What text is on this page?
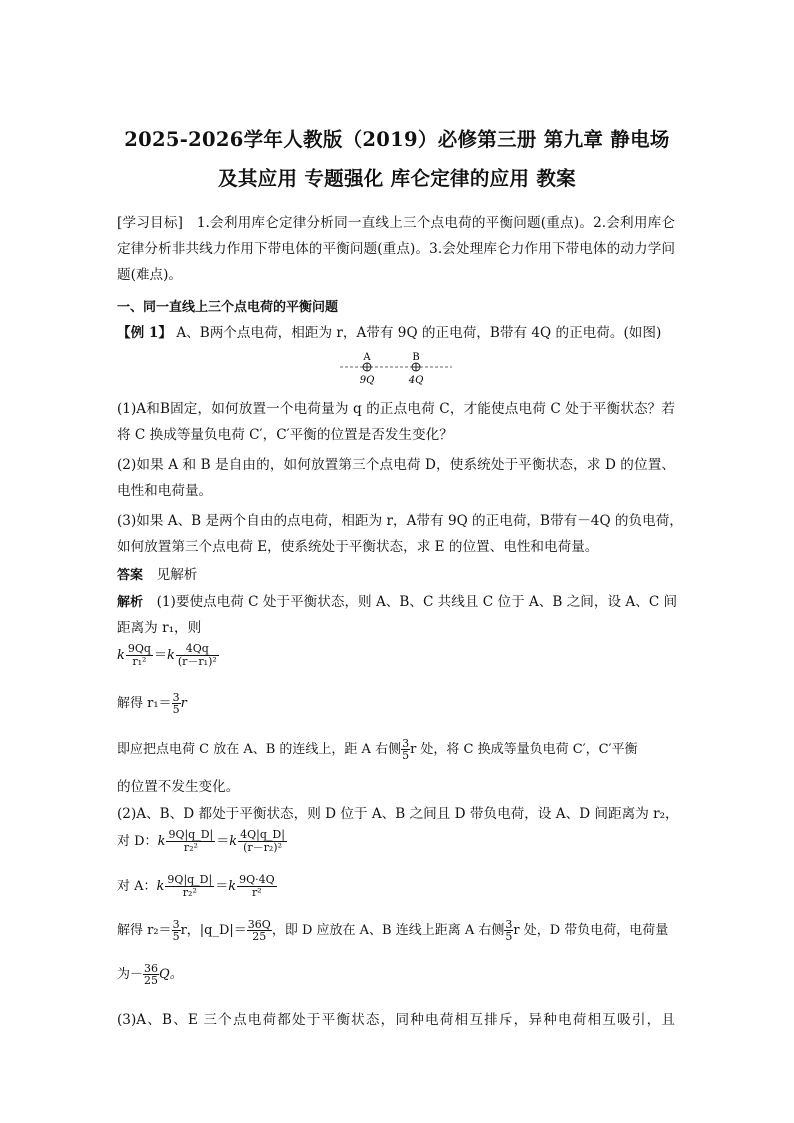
2025-2026学年人教版（2019）必修第三册 第九章 静电场
及其应用 专题强化 库仑定律的应用 教案
[学习目标]　 1.会利用库仑定律分析同一直线上三个点电荷的平衡问题(重点)。2.会利用库仑
定律分析非共线力作用下带电体的平衡问题(重点)。3.会处理库仑力作用下带电体的动力学问
题(难点)。
一、同一直线上三个点电荷的平衡问题
【例 1】 A、B两个点电荷，相距为 r，A带有 9Q 的正电荷，B带有 4Q 的正电荷。(如图)
A	B
9Q	4Q
(1)A和B固定，如何放置一个电荷量为 q 的正点电荷 C，才能使点电荷 C 处于平衡状态？若
将 C 换成等量负电荷 C′，C′平衡的位置是否发生变化？
(2)如果 A 和 B 是自由的，如何放置第三个点电荷 D，使系统处于平衡状态，求 D 的位置、
电性和电荷量。
(3)如果 A、B 是两个自由的点电荷，相距为 r，A带有 9Q 的正电荷，B带有－4Q 的负电荷，
如何放置第三个点电荷 E，使系统处于平衡状态，求 E 的位置、电性和电荷量。
答案　 见解析
解析　 (1)要使点电荷 C 处于平衡状态，则 A、B、C 共线且 C 位于 A、B 之间，设 A、C 间
距离为 r₁，则
k $\frac{9Qq}{\text{r₁²}} =k \frac{4Qq}{\text{(r－r₁)²}}$
解得 $r_1= \frac{3}{5}$ r
即应把点电荷 C 放在 A、B 的连线上，距 A 右侧 $\frac{3}{5}$ r 处，将 C 换成等量负电荷 C′，C′平衡
的位置不发生变化。
(2)A、B、D 都处于平衡状态，则 D 位于 A、B 之间且 D 带负电荷，设 A、D 间距离为 r₂，
对 D：k $\frac{9Q|q\_D|}{\text{r₂²}} =k \frac{4Q|q\_D|}{\text{(r－r₂)²}}$
对 A：k $\frac{9Q|q\_D|}{\text{r₂²}} =k \frac{9Q\cdot 4Q}{\text{r²}}$
解得 $r_2= \frac{3}{5}$ r，|q_D|＝ $\frac{36Q}{25}$ ，即 D 应放在 A、B 连线上距离 A 右侧 $\frac{3}{5}$ r 处，D 带负电荷，电荷量
为－ $\frac{36}{25}$ Q。
(3)A、B、E 三个点电荷都处于平衡状态，同种电荷相互排斥，异种电荷相互吸引，且
